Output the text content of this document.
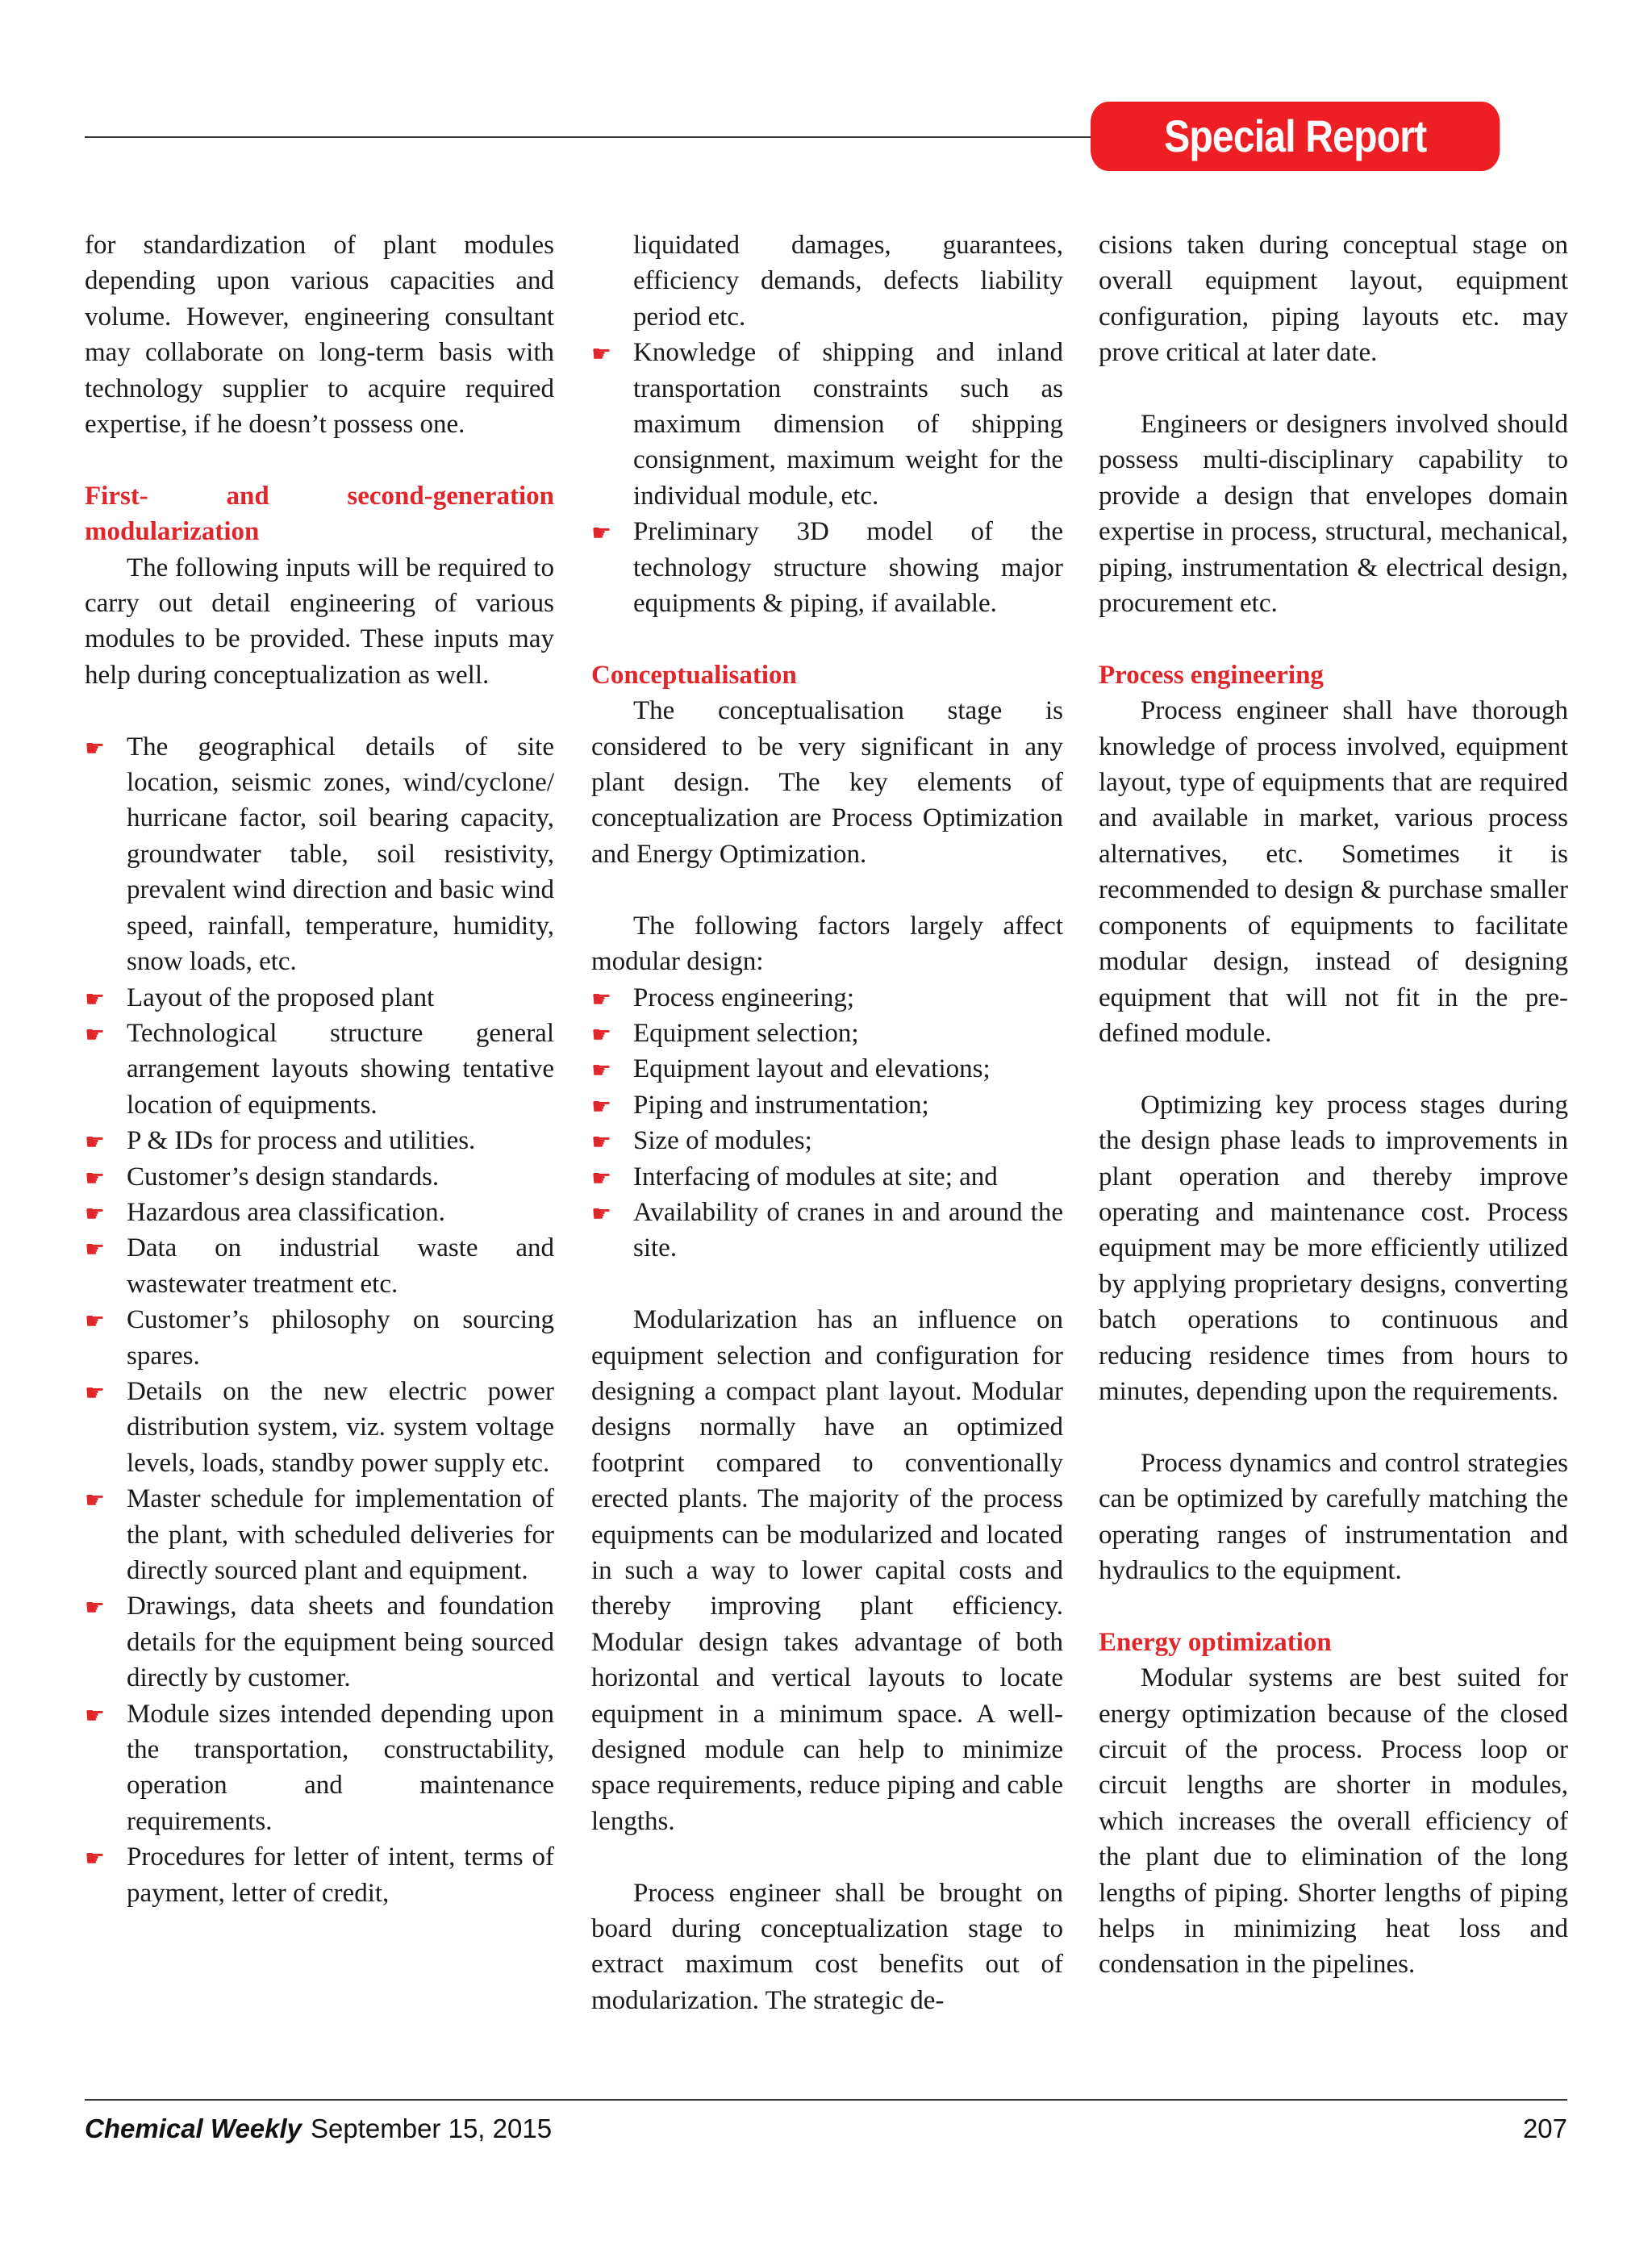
Special Report

for standardization of plant modules depending upon various capacities and volume. However, engineering consultant may collaborate on long-term basis with technology supplier to acquire required expertise, if he doesn’t possess one.

First- and second-generation modularization

The following inputs will be required to carry out detail engineering of various modules to be provided. These inputs may help during conceptualization as well.

☛ The geographical details of site location, seismic zones, wind/cyclone/ hurricane factor, soil bearing capacity, groundwater table, soil resistivity, prevalent wind direction and basic wind speed, rainfall, temperature, humidity, snow loads, etc.

☛ Layout of the proposed plant

☛ Technological structure general arrangement layouts showing tentative location of equipments.

☛ P & IDs for process and utilities.

☛ Customer’s design standards.

☛ Hazardous area classification.

☛ Data on industrial waste and wastewater treatment etc.

☛ Customer’s philosophy on sourcing spares.

☛ Details on the new electric power distribution system, viz. system voltage levels, loads, standby power supply etc.

☛ Master schedule for implementation of the plant, with scheduled deliveries for directly sourced plant and equipment.

☛ Drawings, data sheets and foundation details for the equipment being sourced directly by customer.

☛ Module sizes intended depending upon the transportation, constructability, operation and maintenance requirements.

☛ Procedures for letter of intent, terms of payment, letter of credit,

liquidated damages, guarantees, efficiency demands, defects liability period etc.

☛ Knowledge of shipping and inland transportation constraints such as maximum dimension of shipping consignment, maximum weight for the individual module, etc.

☛ Preliminary 3D model of the technology structure showing major equipments & piping, if available.

Conceptualisation

The conceptualisation stage is considered to be very significant in any plant design. The key elements of conceptualization are Process Optimization and Energy Optimization.

The following factors largely affect modular design:

☛ Process engineering;

☛ Equipment selection;

☛ Equipment layout and elevations;

☛ Piping and instrumentation;

☛ Size of modules;

☛ Interfacing of modules at site; and

☛ Availability of cranes in and around the site.

Modularization has an influence on equipment selection and configuration for designing a compact plant layout. Modular designs normally have an optimized footprint compared to conventionally erected plants. The majority of the process equipments can be modularized and located in such a way to lower capital costs and thereby improving plant efficiency. Modular design takes advantage of both horizontal and vertical layouts to locate equipment in a minimum space. A well-designed module can help to minimize space requirements, reduce piping and cable lengths.

Process engineer shall be brought on board during conceptualization stage to extract maximum cost benefits out of modularization. The strategic de-

cisions taken during conceptual stage on overall equipment layout, equipment configuration, piping layouts etc. may prove critical at later date.

Engineers or designers involved should possess multi-disciplinary capability to provide a design that envelopes domain expertise in process, structural, mechanical, piping, instrumentation & electrical design, procurement etc.

Process engineering

Process engineer shall have thorough knowledge of process involved, equipment layout, type of equipments that are required and available in market, various process alternatives, etc. Sometimes it is recommended to design & purchase smaller components of equipments to facilitate modular design, instead of designing equipment that will not fit in the pre-defined module.

Optimizing key process stages during the design phase leads to improvements in plant operation and thereby improve operating and maintenance cost. Process equipment may be more efficiently utilized by applying proprietary designs, converting batch operations to continuous and reducing residence times from hours to minutes, depending upon the requirements.

Process dynamics and control strategies can be optimized by carefully matching the operating ranges of instrumentation and hydraulics to the equipment.

Energy optimization

Modular systems are best suited for energy optimization because of the closed circuit of the process. Process loop or circuit lengths are shorter in modules, which increases the overall efficiency of the plant due to elimination of the long lengths of piping. Shorter lengths of piping helps in minimizing heat loss and condensation in the pipelines.

Chemical Weekly September 15, 2015	207
